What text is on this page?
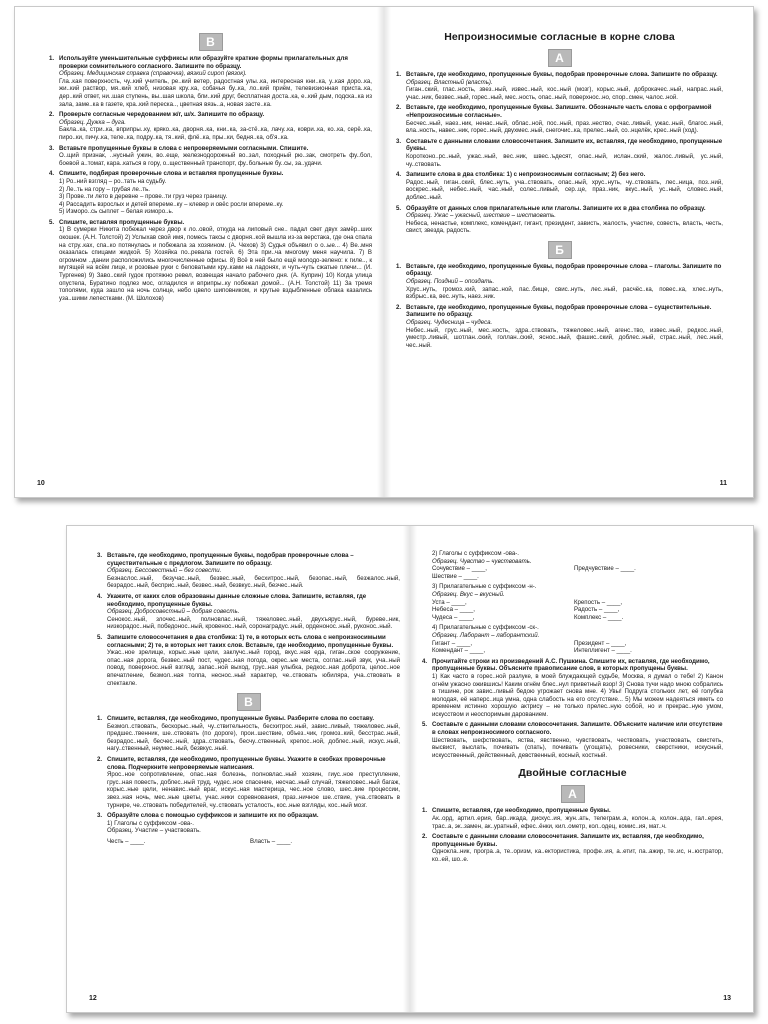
В

1. Используйте уменьшительные суффиксы или образуйте краткие формы прилагательных для проверки сомнительного согласного. Запишите по образцу.

Образец. Медицинская справка (справочка), вязкий сироп (вязок).

Гла..кая поверхность, чу..кий учитель, ре..кий ветер, радостная улы..ка, интересная кни..ка, у..кая доро..ка, жи..кий раствор, мя..кий хлеб, низовая кру..ка, собачья бу..ка, ло..кий приём, телевизионная приста..ка, дер..кий ответ, ни..шая ступень, вы..шая школа, бли..кий друг, бесплатная доста..ка, е..кий дым, подска..ка из зала, заме..ка в газете, кра..кий переска.., цветная вязь..а, новая засте..ка.

2. Проверьте согласные чередованием ж/г, ш/х. Запишите по образцу.

Образец. Дужка – дуга.

Бакла..ка, стри..ка, вприпры..ку, кряко..ка, дворня..ка, кни..ка, за-стё..ка, лачу..ка, коври..ка, ко..ка, серё..ка, пиро..ки, пичу..ка, теле..ка, подру..ка, тя..кий, флё..ка, пры..ки, бедня..ка, об'я..ка.

3. Вставьте пропущенные буквы в слова с непроверяемыми согласными. Спишите.

О..щий признак, ..нусный ужин, во..еще, железнодорожный во..зал, походный рю..зак, смотреть фу..бол, боевой а..томат, кара..каться в гору, о..щественный транспорт, фу..больные бу..сы, за..удачи.

4. Спишите, подбирая проверочные слова и вставляя пропущенные буквы.

1) Ро..ний взгляд – ро..тать на судьбу.

2) Ле..ть на гору – грубая ле..ть.

3) Прове..ти лето в деревне – прове..ти груз через границу.

4) Рассадить взрослых и детей впереме..ку – клевер и овёс росли впереме..ку.

5) Изморо..сь сыплет – белая изморо..ь.

5. Спишите, вставляя пропущенные буквы.

1) В сумерки Никита побежал через двор к ло..овой, откуда на липовый сне.. падал свет двух замёр..ших окошек. (А.Н. Толстой) 2) Услыхав свой имя, помесь таксы с дворня..кой вышла из-за верстака, где она спала на стру..ках, спа..ко потянулась и побежала за хозяином. (А. Чехов) 3) Судья объявил о о..ые... 4) Ве..мня оказалась спицами жидкой. 5) Хозяйка по..ревала гостей. 6) Эта при..ча многому меня научила. 7) В огромном ..дании расположились многочисленные офисы. 8) Всё в ней было ещё молодо-зелено: к гиле.., к мутящей на всём лице, и розовые руки с беловатыми кру..ками на ладонях, и чуть-чуть сжатые плечи... (И. Тургенев) 9) Заво..ский гудок протяжно ревел, возвещая начало рабочего дня. (А. Куприн) 10) Когда улица опустела, Буратино подлез мос, огладился и вприпры..ку побежал домой... (А.Н. Толстой) 11) За тремя тополями, куда зашло на ночь солнце, небо цвело шиповником, и крутые вздыбленные облака казались уза..шими лепестками. (М. Шолохов)

10
Непроизносимые согласные в корне слова
А

1. Вставьте, где необходимо, пропущенные буквы, подобрав проверочные слова. Запишите по образцу.

Образец. Властный (власть).

Гиган..ский, глас..ность, звез..ный, извес..ный, кос..ный (мозг), корыс..ный, доброкачес..ный, напрас..ный, учас..ник, безвес..ный, горес..ный, мес..ность, опас..ный, поверхнос..но, спор..смен, чалос..ной.

2. Вставьте, где необходимо, пропущенные буквы. Запишите. Обозначьте часть слова с орфограммой «Непроизносимые согласные».

Бесчес..ный, наез..ник, ненас..ный, облас..ной, пос..ный, праз..нество, счас..ливый, ужас..ный, благос..ный, вла..ность, навес..ник, горес..ный, двухмес..ный, снегочис..ка, прелес..ный, со..нцелёк, крес..ный (ход).

3. Составьте с данными словами словосочетания. Запишите их, вставляя, где необходимо, пропущенные буквы.

Коротконо..рс..ный, ужас..ный, вес..ник, швес..ъдесят, опас..ный, ислан..ский, жалос..ливый, ус..ный, чу..ствовать.

4. Запишите слова в два столбика: 1) с непроизносимым согласным; 2) без него.

Радос..ный, гиган..ский, блес..нуть, уча..ствовать, опас..ный, хрус..нуть, чу..ствовать, лес..ница, поз..ний, воскрес..ный, небес..ный, час..ный, солес..ливый, сер..це, праз..ник, вкус..ный, ус..ный, словес..ный, доблес..ный.

5. Образуйте от данных слов прилагательные или глаголы. Запишите их в два столбика по образцу.

Образец. Ужас – ужасный, шествие – шествовать.

Небеса, ненастье, комплекс, комендант, гигант, президент, зависть, жалость, участие, совесть, власть, честь, свист, звезда, радость.

Б

1. Вставьте, где необходимо, пропущенные буквы, подобрав проверочные слова – глаголы. Запишите по образцу.

Образец. Поздний – опоздать.

Хрус..нуть, громоз..кий, запас..ной, пас..бище, свис..нуть, лес..ный, расчёс..ка, повес..ка, хлес..нуть, взбрыс..ка, вес..нуть, наез..ник.

2. Вставьте, где необходимо, пропущенные буквы, подобрав проверочные слова – существительные. Запишите по образцу.

Образец. Чудесница – чудеса.

Небес..ный, грус..ный, мес..ность, здра..ствовать, тяжеловес..ный, агенс..тво, извес..ный, редкос..ный, уместр..ливый, шотлан..ский, голлан..ский, яснос..ный, фашис..ский, доблес..ный, страс..ный, лес..ный, чес..ный.

11

3. Вставьте, где необходимо, пропущенные буквы, подобрав проверочные слова – существительные с предлогом. Запишите по образцу.

Образец. Бессовестный – без совести.

Безнаслос..ный, безучас..ный, безвес..ный, бесхитрос..ный, безопас..ный, безжалос..ный, безрадос..ный, бесприс..ный, безвес..ный, безвкус..ный, безчес..ный.

4. Укажите, от каких слов образованы данные сложные слова. Запишите, вставляя, где необходимо, пропущенные буквы.

Образец. Добросовестный – добрая совесть.

Сенокос..ный, злочес..ный, полновлас..ный, тяжеловес..ный, двухъярус..ный, буреве..ник, низкорадос..ный, победонос..ный, кровенос..ный, соронаградус..ный, орденонос..ный, руконос..ный.

5. Запишите словосочетания в два столбика: 1) те, в которых есть слова с непроизносимыми согласными; 2) те, в которых нет таких слов. Вставьте, где необходимо, пропущенные буквы.

Ужас..ное зрелище, корыс..ные цели, заклучс..ный город, вкус..ная еда, гиган..ское сооружение, опас..ная дорога, безвес..ный пост, чудес..ная погода, окрес..ые места, соглас..ный звук, уча..ный повод, поверхнос..ный взгляд, запас..ной выход, грус..ная улыбка, редкос..ная доброта, целос..ное впечатление, безмол..ная толпа, неснос..ный характер, че..ствовать юбиляра, уча..ствовать в спектакле.

В

1. Спишите, вставляя, где необходимо, пропущенные буквы. Разберите слова по составу.

Безмол..ствовать, бескорыс..ный, чу..ствительность, бесхитрос..ный, завис..ливый, тяжеловес..ный, предшес..твенник, ше..ствовать (по дороге), прои..шествие, объез..чик, громоз..кий, бесстрас..ный, безрадос..ный, бесчес..ный, здра..ствовать, бесчу..ственный, крепос..ной, доблес..ный, искус..ный, нагу..ственный, неумес..ный, безвкус..ный.

2. Спишите, вставляя, где необходимо, пропущенные буквы. Укажите в скобках проверочные слова. Подчеркните непроверяемые написания.

Ярос..ное сопротивление, опас..ная болезнь, полновлас..ный хозяин, гиус..ное преступление, грус..ная повесть, доблес..ный труд, чудес..ное спасение, несчас..ный случай, тяжеловес..ный багаж, корыс..ные цели, ненавис..ный враг, искус..ная мастерица, чес..ное слово, шес..вие процессии, звез..ная ночь, мес..ные цветы, учас..ники соревнования, праз..ничное ше..ствие, уча..ствовать в турнире, че..ствовать победителей, чу..ствовать усталость, кос..ные взгляды, кос..ный мозг.

3. Образуйте слова с помощью суффиксов и запишите их по образцам.

1) Глаголы с суффиксом -ова-.

Образец. Участие – участвовать.

Честь – ____.	Власть – ____.
12

2) Глаголы с суффиксом -ова-.

Образец. Чувство – чувствовать.

Сочувствие – ____,	Предчувствие – ____.
Шествие – ____.

3) Прилагательные с суффиксом -н-.

Образец. Вкус – вкусный.

Уста – ____,	Крепость – ____,
Небеса – ____,	Радость – ____,
Чудеса – ____,	Комплекс – ____.

4) Прилагательные с суффиксом -ск-.

Образец. Лаборант – лаборантский.

Гигант – ____,	Президент – ____,
Комендант – ____,	Интеллигент – ____.

4. Прочитайте строки из произведений А.С. Пушкина. Спишите их, вставляя, где необходимо, пропущенные буквы. Объясните правописание слов, в которых пропущены буквы.

1) Как часто в горес..ной разлуке, в моей блуждающей судьбе, Москва, я думал о тебе! 2) Канон огнём ужасно ожившись! Каким огнём блес..нул приветный взор! 3) Снова тучи надо мною собрались в тишине, рок завис..ливый бедою угрожает снова мне. 4) Увы! Подруга стольких лет, её голубка молодая, её наперс..ица умна, одна слабость на его отсутствие... 5) Мы можем надеяться иметь со временем истинно хорошую актрису – не только прелес..ную собой, но и прекрас..ную умом, искусством и неоспоримым дарованием.

5. Составьте с данными словами словосочетания. Запишите. Объясните наличие или отсутствие в словах непроизносимого согласного.

Шествовать, шефствовать, яства, явственно, чувствовать, чествовать, участвовать, свистеть, высвист, выслать, почивать (спать), почивать (угощать), ровесники, сверстники, искусный, искусственный, действенный, девственный, косный, костный.

Двойные согласные
А

1. Спишите, вставляя, где необходимо, пропущенные буквы.

Ак..орд, артил..ерия, бар..икада, дискус..ия, жун..ать, телеграм..а, колон..а, колон..ада, гал..ерея, трас..а, эк..замен, ак..уратный, ефес..ёнки, кил..ометр, кол..одец, комис..ия, мат..ч.

2. Составьте с данными словами словосочетания. Запишите их, вставляя, где необходимо, пропущенные буквы.

Одноклa..ник, програ..а, те..оризм, ка..ектористика, профе..ия, а..етит, па..ажир, те..ис, н..юстратор, ко..ей, шо..е.

13
